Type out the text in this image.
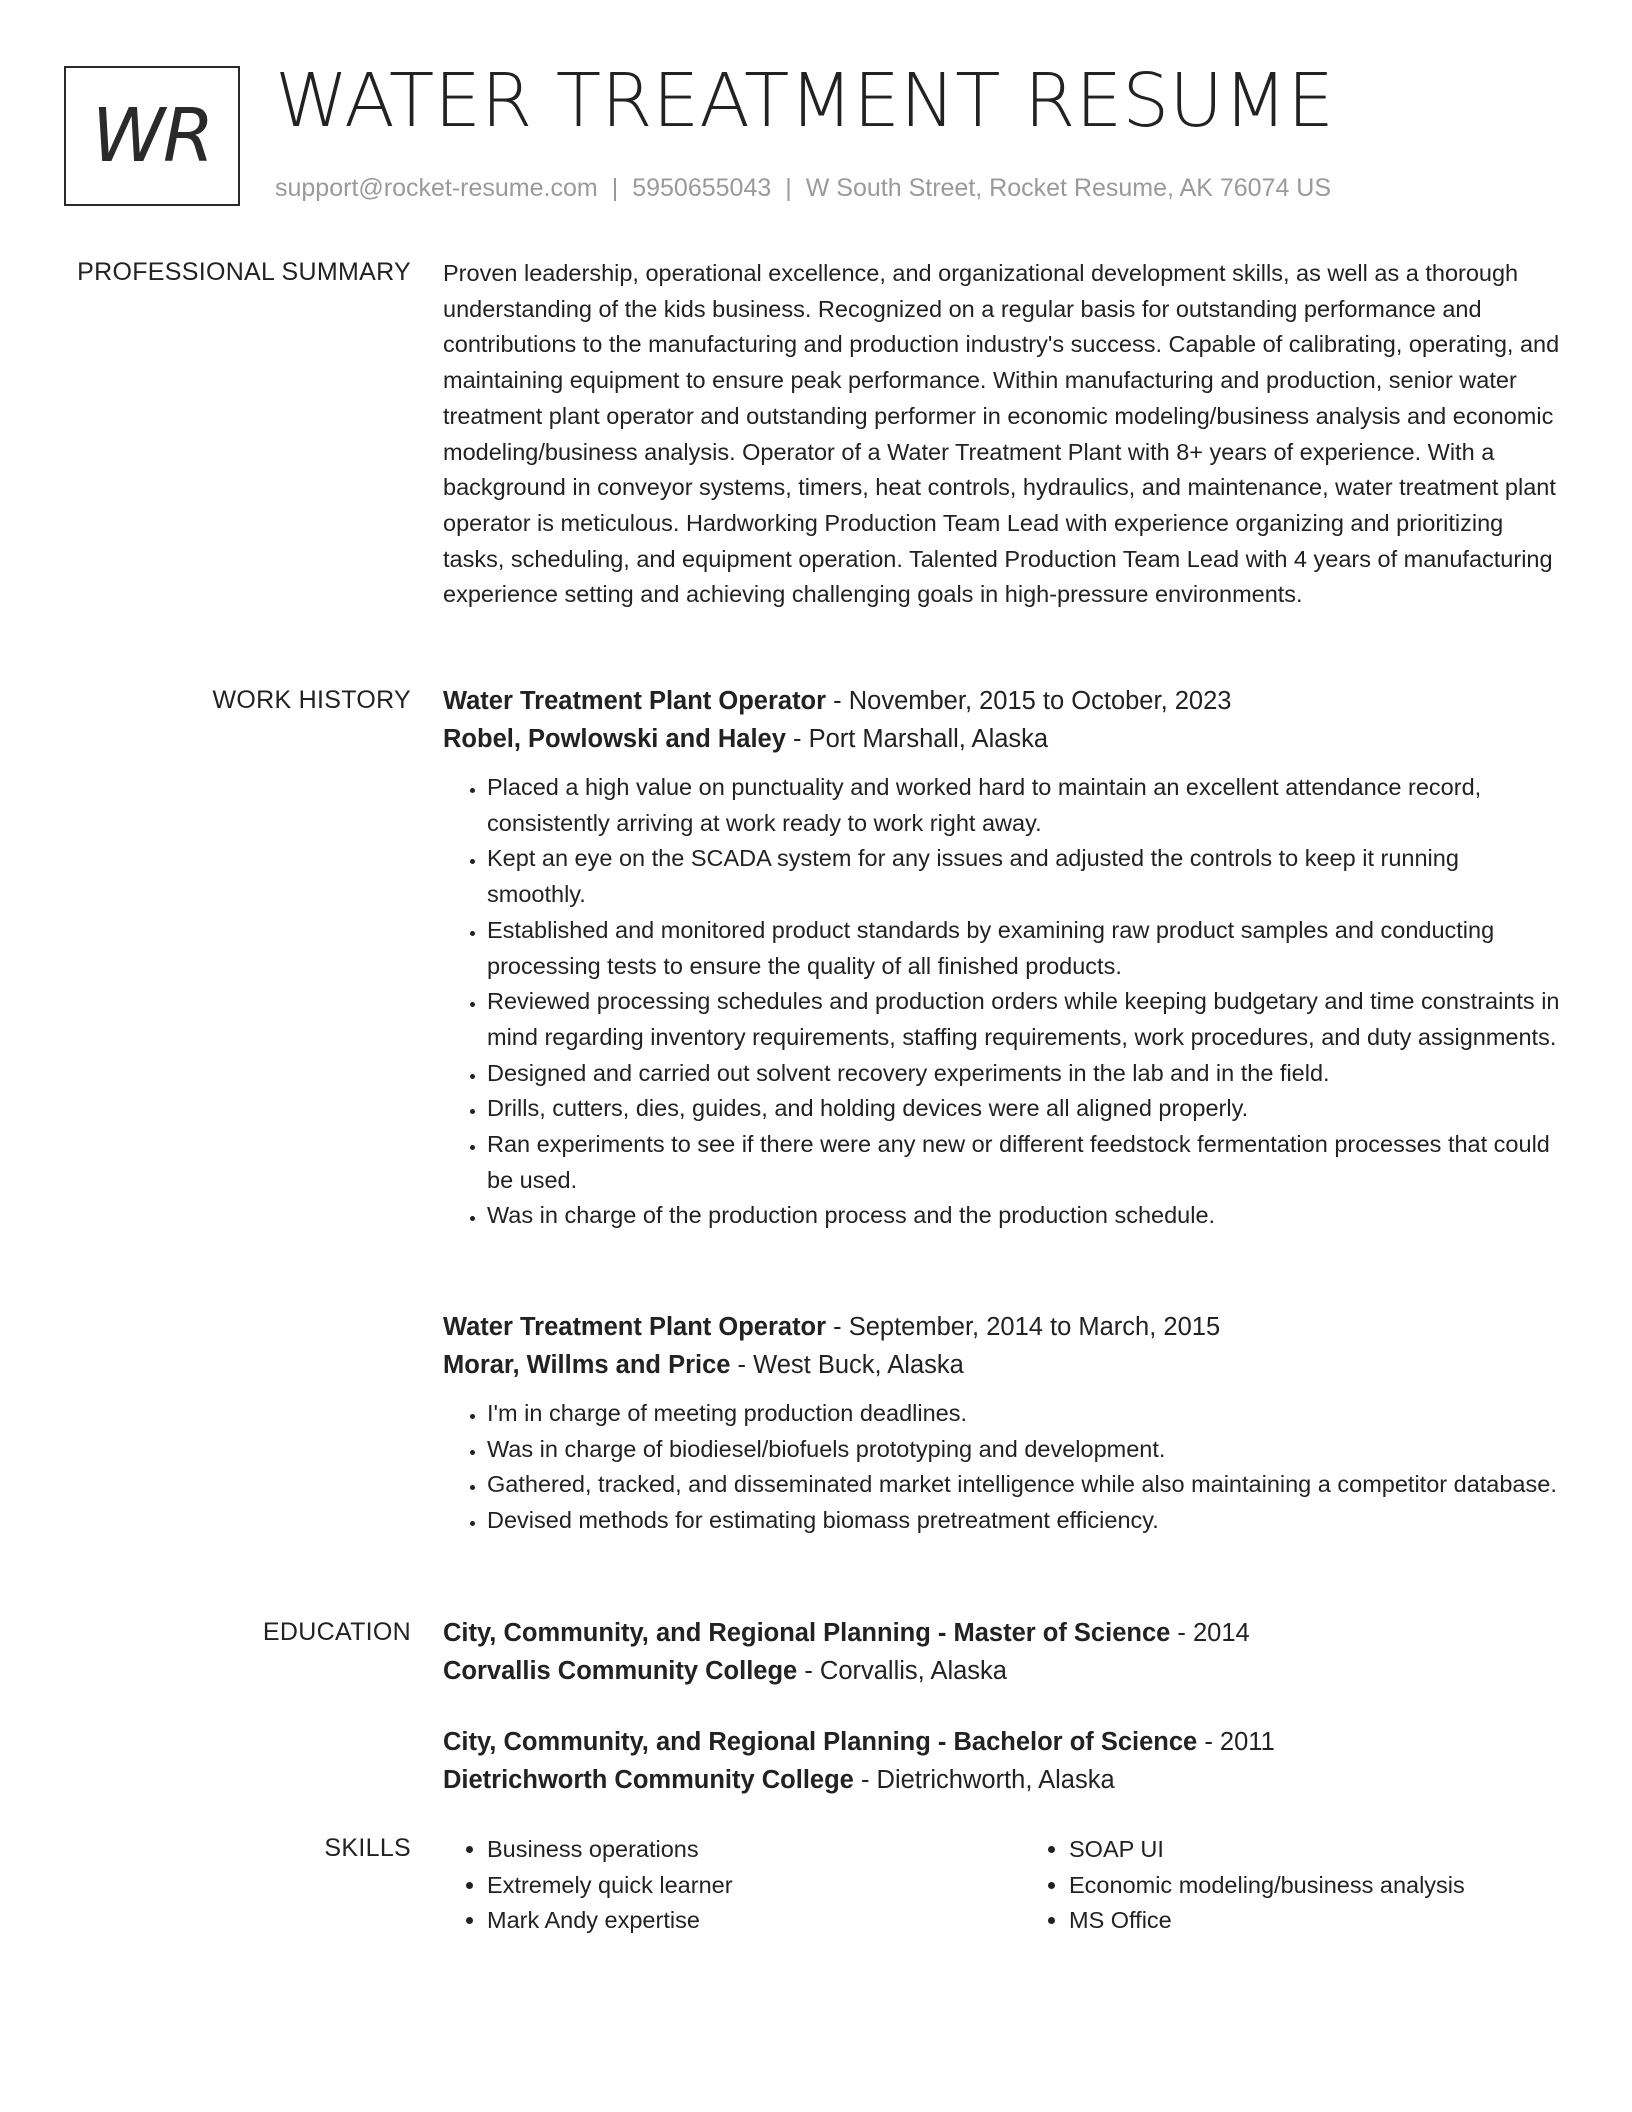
WR WATER TREATMENT RESUME
support@rocket-resume.com | 5950655043 | W South Street, Rocket Resume, AK 76074 US
PROFESSIONAL SUMMARY Proven leadership, operational excellence, and organizational development skills, as well as a thorough understanding of the kids business. Recognized on a regular basis for outstanding performance and contributions to the manufacturing and production industry's success. Capable of calibrating, operating, and maintaining equipment to ensure peak performance. Within manufacturing and production, senior water treatment plant operator and outstanding performer in economic modeling/business analysis and economic modeling/business analysis. Operator of a Water Treatment Plant with 8+ years of experience. With a background in conveyor systems, timers, heat controls, hydraulics, and maintenance, water treatment plant operator is meticulous. Hardworking Production Team Lead with experience organizing and prioritizing tasks, scheduling, and equipment operation. Talented Production Team Lead with 4 years of manufacturing experience setting and achieving challenging goals in high-pressure environments.

WORK HISTORY Water Treatment Plant Operator - November, 2015 to October, 2023
Robel, Powlowski and Haley - Port Marshall, Alaska
• Placed a high value on punctuality and worked hard to maintain an excellent attendance record, consistently arriving at work ready to work right away.
• Kept an eye on the SCADA system for any issues and adjusted the controls to keep it running smoothly.
• Established and monitored product standards by examining raw product samples and conducting processing tests to ensure the quality of all finished products.
• Reviewed processing schedules and production orders while keeping budgetary and time constraints in mind regarding inventory requirements, staffing requirements, work procedures, and duty assignments.
• Designed and carried out solvent recovery experiments in the lab and in the field.
• Drills, cutters, dies, guides, and holding devices were all aligned properly.
• Ran experiments to see if there were any new or different feedstock fermentation processes that could be used.
• Was in charge of the production process and the production schedule.
Water Treatment Plant Operator - September, 2014 to March, 2015
Morar, Willms and Price - West Buck, Alaska
• I'm in charge of meeting production deadlines.
• Was in charge of biodiesel/biofuels prototyping and development.
• Gathered, tracked, and disseminated market intelligence while also maintaining a competitor database.
• Devised methods for estimating biomass pretreatment efficiency.
EDUCATION City, Community, and Regional Planning - Master of Science - 2014
Corvallis Community College - Corvallis, Alaska
City, Community, and Regional Planning - Bachelor of Science - 2011
Dietrichworth Community College - Dietrichworth, Alaska
SKILLS
•	Business operations
• Extremely quick learner
• Mark Andy expertise
• SOAP UI
• Economic modeling/business analysis
• MS Office
